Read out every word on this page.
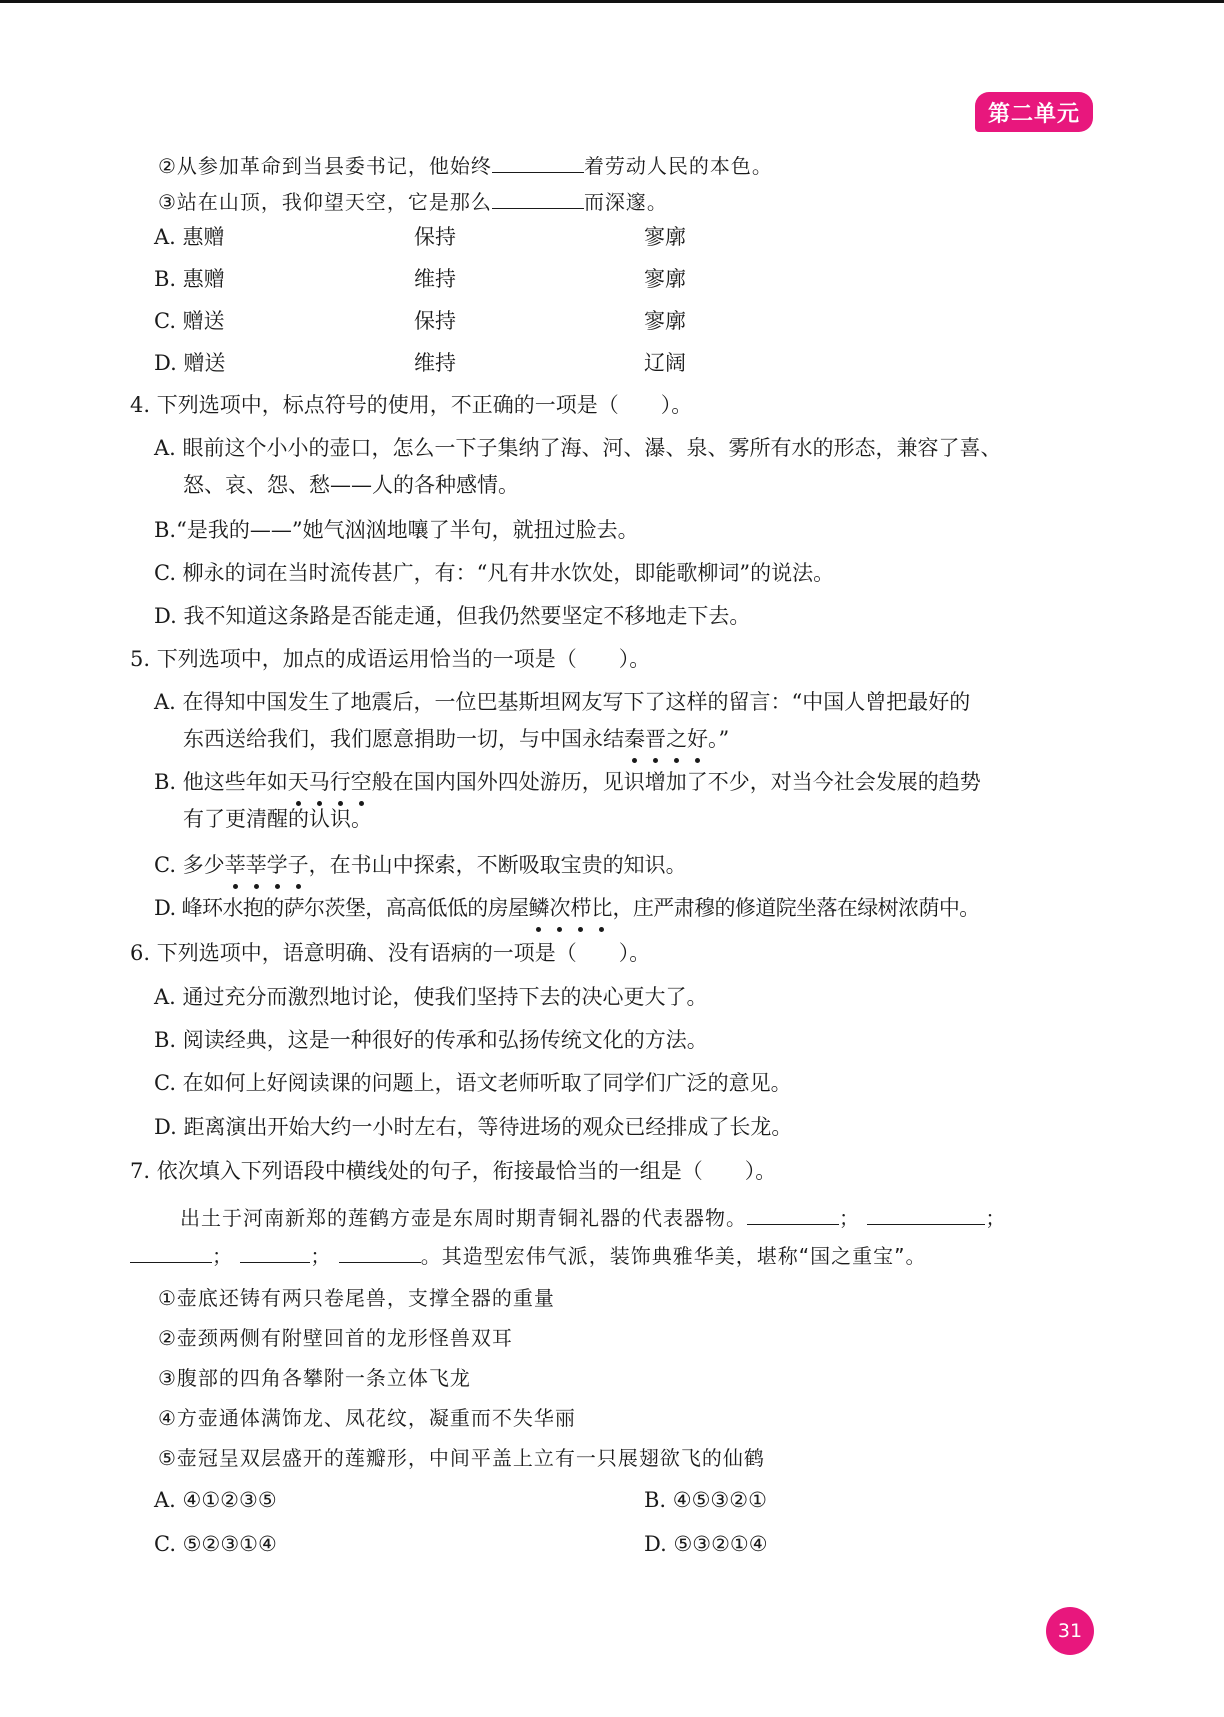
第二单元
②从参加革命到当县委书记，他始终	着劳动人民的本色。
③站在山顶，我仰望天空，它是那么	而深邃。
A. 惠赠	保持	寥廓
B. 惠赠	维持	寥廓
C. 赠送	保持	寥廓
D. 赠送	维持	辽阔
4. 下列选项中，标点符号的使用，不正确的一项是（　　）。
A. 眼前这个小小的壶口，怎么一下子集纳了海、河、瀑、泉、雾所有水的形态，兼容了喜、
怒、哀、怨、愁——人的各种感情。
B.“是我的——”她气汹汹地嚷了半句，就扭过脸去。
C. 柳永的词在当时流传甚广，有：“凡有井水饮处，即能歌柳词”的说法。
D. 我不知道这条路是否能走通，但我仍然要坚定不移地走下去。
5. 下列选项中，加点的成语运用恰当的一项是（　　）。
A. 在得知中国发生了地震后，一位巴基斯坦网友写下了这样的留言：“中国人曾把最好的
东西送给我们，我们愿意捐助一切，与中国永结秦晋之好。”
B. 他这些年如天马行空般在国内国外四处游历，见识增加了不少，对当今社会发展的趋势
有了更清醒的认识。
C. 多少莘莘学子，在书山中探索，不断吸取宝贵的知识。
D. 峰环水抱的萨尔茨堡，高高低低的房屋鳞次栉比，庄严肃穆的修道院坐落在绿树浓荫中。
6. 下列选项中，语意明确、没有语病的一项是（　　）。
A. 通过充分而激烈地讨论，使我们坚持下去的决心更大了。
B. 阅读经典，这是一种很好的传承和弘扬传统文化的方法。
C. 在如何上好阅读课的问题上，语文老师听取了同学们广泛的意见。
D. 距离演出开始大约一小时左右，等待进场的观众已经排成了长龙。
7. 依次填入下列语段中横线处的句子，衔接最恰当的一组是（　　）。
出土于河南新郑的莲鹤方壶是东周时期青铜礼器的代表器物。	；	；
；	；	。其造型宏伟气派，装饰典雅华美，堪称“国之重宝”。
①壶底还铸有两只卷尾兽，支撑全器的重量
②壶颈两侧有附壁回首的龙形怪兽双耳
③腹部的四角各攀附一条立体飞龙
④方壶通体满饰龙、凤花纹，凝重而不失华丽
⑤壶冠呈双层盛开的莲瓣形，中间平盖上立有一只展翅欲飞的仙鹤
A. ④①②③⑤	B. ④⑤③②①
C. ⑤②③①④	D. ⑤③②①④
31
